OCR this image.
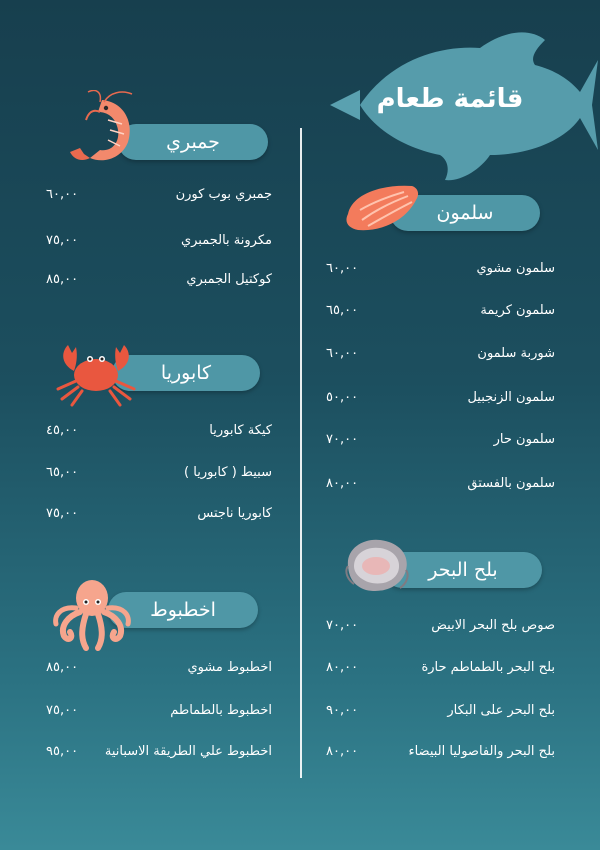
قائمة طعام
جمبري
جمبري بوب كورن
٦٠,٠٠
مكرونة بالجمبري
٧٥,٠٠
كوكتيل الجمبري
٨٥,٠٠
كابوريا
كيكة كابوريا
٤٥,٠٠
سبيط ( كابوريا )
٦٥,٠٠
كابوريا ناجتس
٧٥,٠٠
اخطبوط
اخطبوط مشوي
٨٥,٠٠
اخطبوط بالطماطم
٧٥,٠٠
اخطبوط علي الطريقة الاسبانية
٩٥,٠٠
سلمون
سلمون مشوي
٦٠,٠٠
سلمون كريمة
٦٥,٠٠
شوربة سلمون
٦٠,٠٠
سلمون الزنجبيل
٥٠,٠٠
سلمون حار
٧٠,٠٠
سلمون بالفستق
٨٠,٠٠
بلح البحر
صوص بلح البحر الابيض
٧٠,٠٠
بلح البحر بالطماطم حارة
٨٠,٠٠
بلح البحر على البكار
٩٠,٠٠
بلح البحر والفاصوليا البيضاء
٨٠,٠٠
